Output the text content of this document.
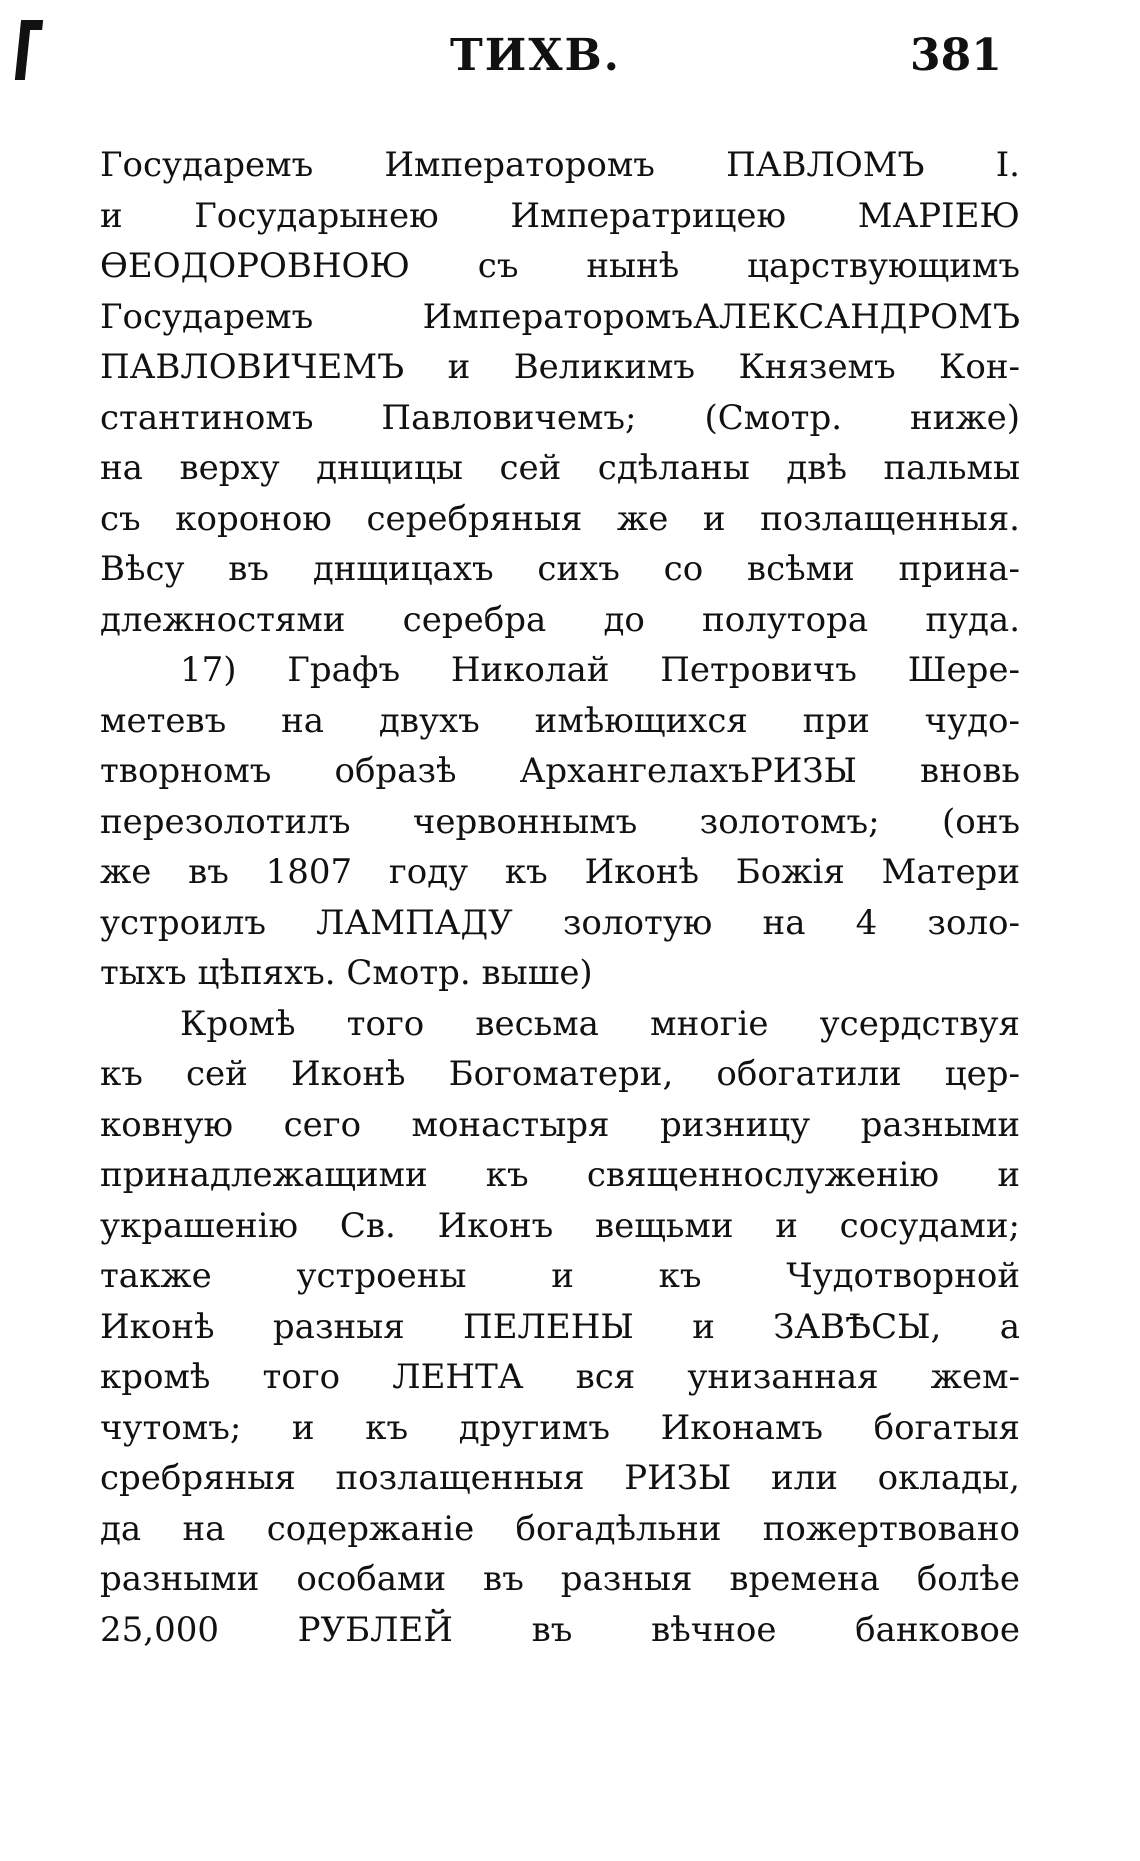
ТИХВ.	381
Государемъ Императоромъ ПАВЛОМЪ I.
и Государынею Императрицею МАРІЕЮ
ѲЕОДОРОВНОЮ съ нынѣ царствующимъ
Государемъ ИмператоромъАЛЕКСАНДРОМЪ
ПАВЛОВИЧЕМЪ и Великимъ Княземъ Кон-
стантиномъ Павловичемъ; (Смотр. ниже)
на верху днщицы сей сдѣланы двѣ пальмы
съ короною серебряныя же и позлащенныя.
Вѣсу въ днщицахъ сихъ со всѣми прина-
длежностями серебра до полутора пуда.
17) Графъ Николай Петровичъ Шере-
метевъ на двухъ имѣющихся при чудо-
творномъ образѣ АрхангелахъРИЗЫ вновь
перезолотилъ червоннымъ золотомъ; (онъ
же въ 1807 году къ Иконѣ Божія Матери
устроилъ ЛАМПАДУ золотую на 4 золо-
тыхъ цѣпяхъ. Смотр. выше)
Кромѣ того весьма многіе усердствуя
къ сей Иконѣ Богоматери, обогатили цер-
ковную сего монастыря ризницу разными
принадлежащими къ священнослуженію и
украшенію Св. Иконъ вещьми и сосудами;
также устроены и къ Чудотворной
Иконѣ разныя ПЕЛЕНЫ и ЗАВѢСЫ, а
кромѣ того ЛЕНТА вся унизанная жем-
чутомъ; и къ другимъ Иконамъ богатыя
сребряныя позлащенныя РИЗЫ или оклады,
да на содержаніе богадѣльни пожертвовано
разными особами въ разныя времена болѣе
25,000 РУБЛЕЙ въ вѣчное банковое
